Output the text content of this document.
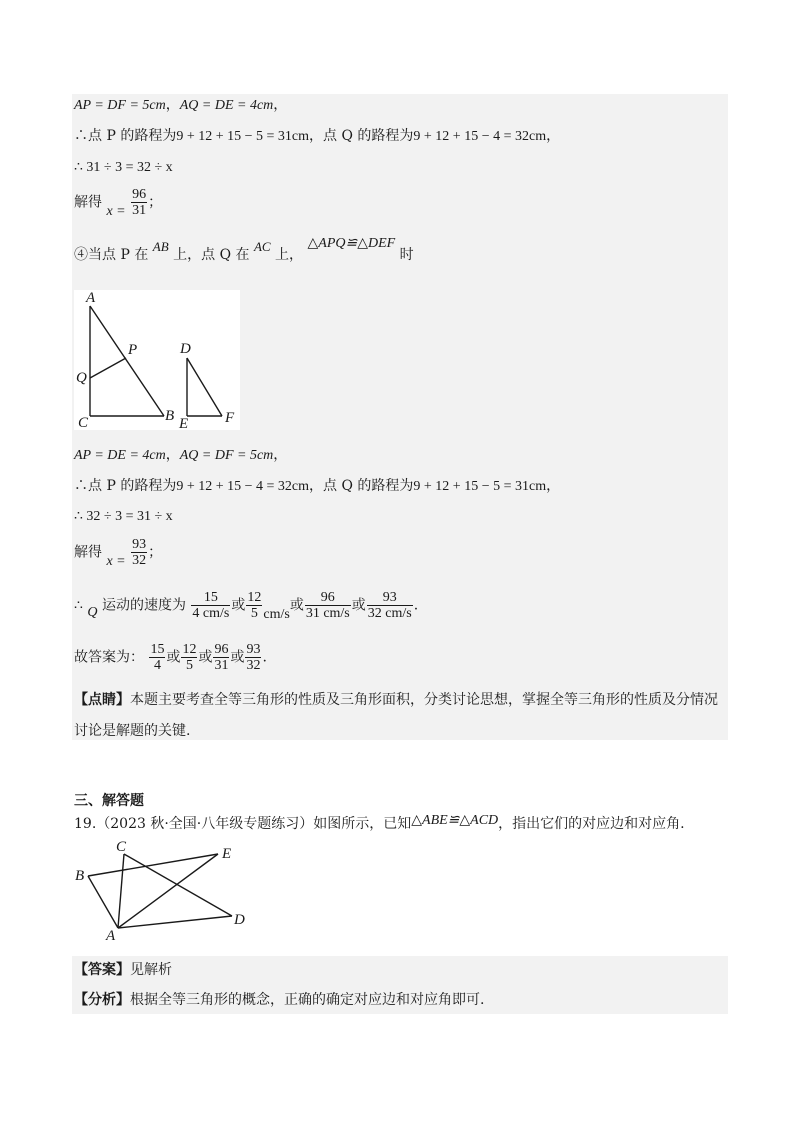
AP = DF = 5cm，AQ = DE = 4cm，
∴点 P 的路程为9 + 12 + 15 − 5 = 31cm，点 Q 的路程为9 + 12 + 15 − 4 = 32cm，
∴ 31 ÷ 3 = 32 ÷ x
解得 $x = \frac{96}{31}$ ；
④当点 P 在 AB 上，点 Q 在 AC 上， △APQ≌△DEF 时
A
P
Q
C	B
D
E F
AP = DE = 4cm，AQ = DF = 5cm，
∴点 P 的路程为9 + 12 + 15 − 4 = 32cm，点 Q 的路程为9 + 12 + 15 − 5 = 31cm，
∴ 32 ÷ 3 = 31 ÷ x
解得 $x = \frac{93}{32}$ ；
∴ Q 运动的速度为 $\frac{15}{4 cm/s}$ 或 $\frac{12}{5} cm/s$或 $\frac{96}{31 cm/s}$ 或 $\frac{93}{32 cm/s}$ .
故答案为： $\frac{15}{4}$ 或 $\frac{12}{5}$ 或 $\frac{96}{31}$ 或 $\frac{93}{32}$ .
【点睛】本题主要考查全等三角形的性质及三角形面积，分类讨论思想，掌握全等三角形的性质及分情况
讨论是解题的关键.
三、解答题
19.（2023 秋·全国·八年级专题练习）如图所示，已知△ABE≌△ACD，指出它们的对应边和对应角.
C
B
E
D
A
【答案】见解析
【分析】根据全等三角形的概念，正确的确定对应边和对应角即可.
